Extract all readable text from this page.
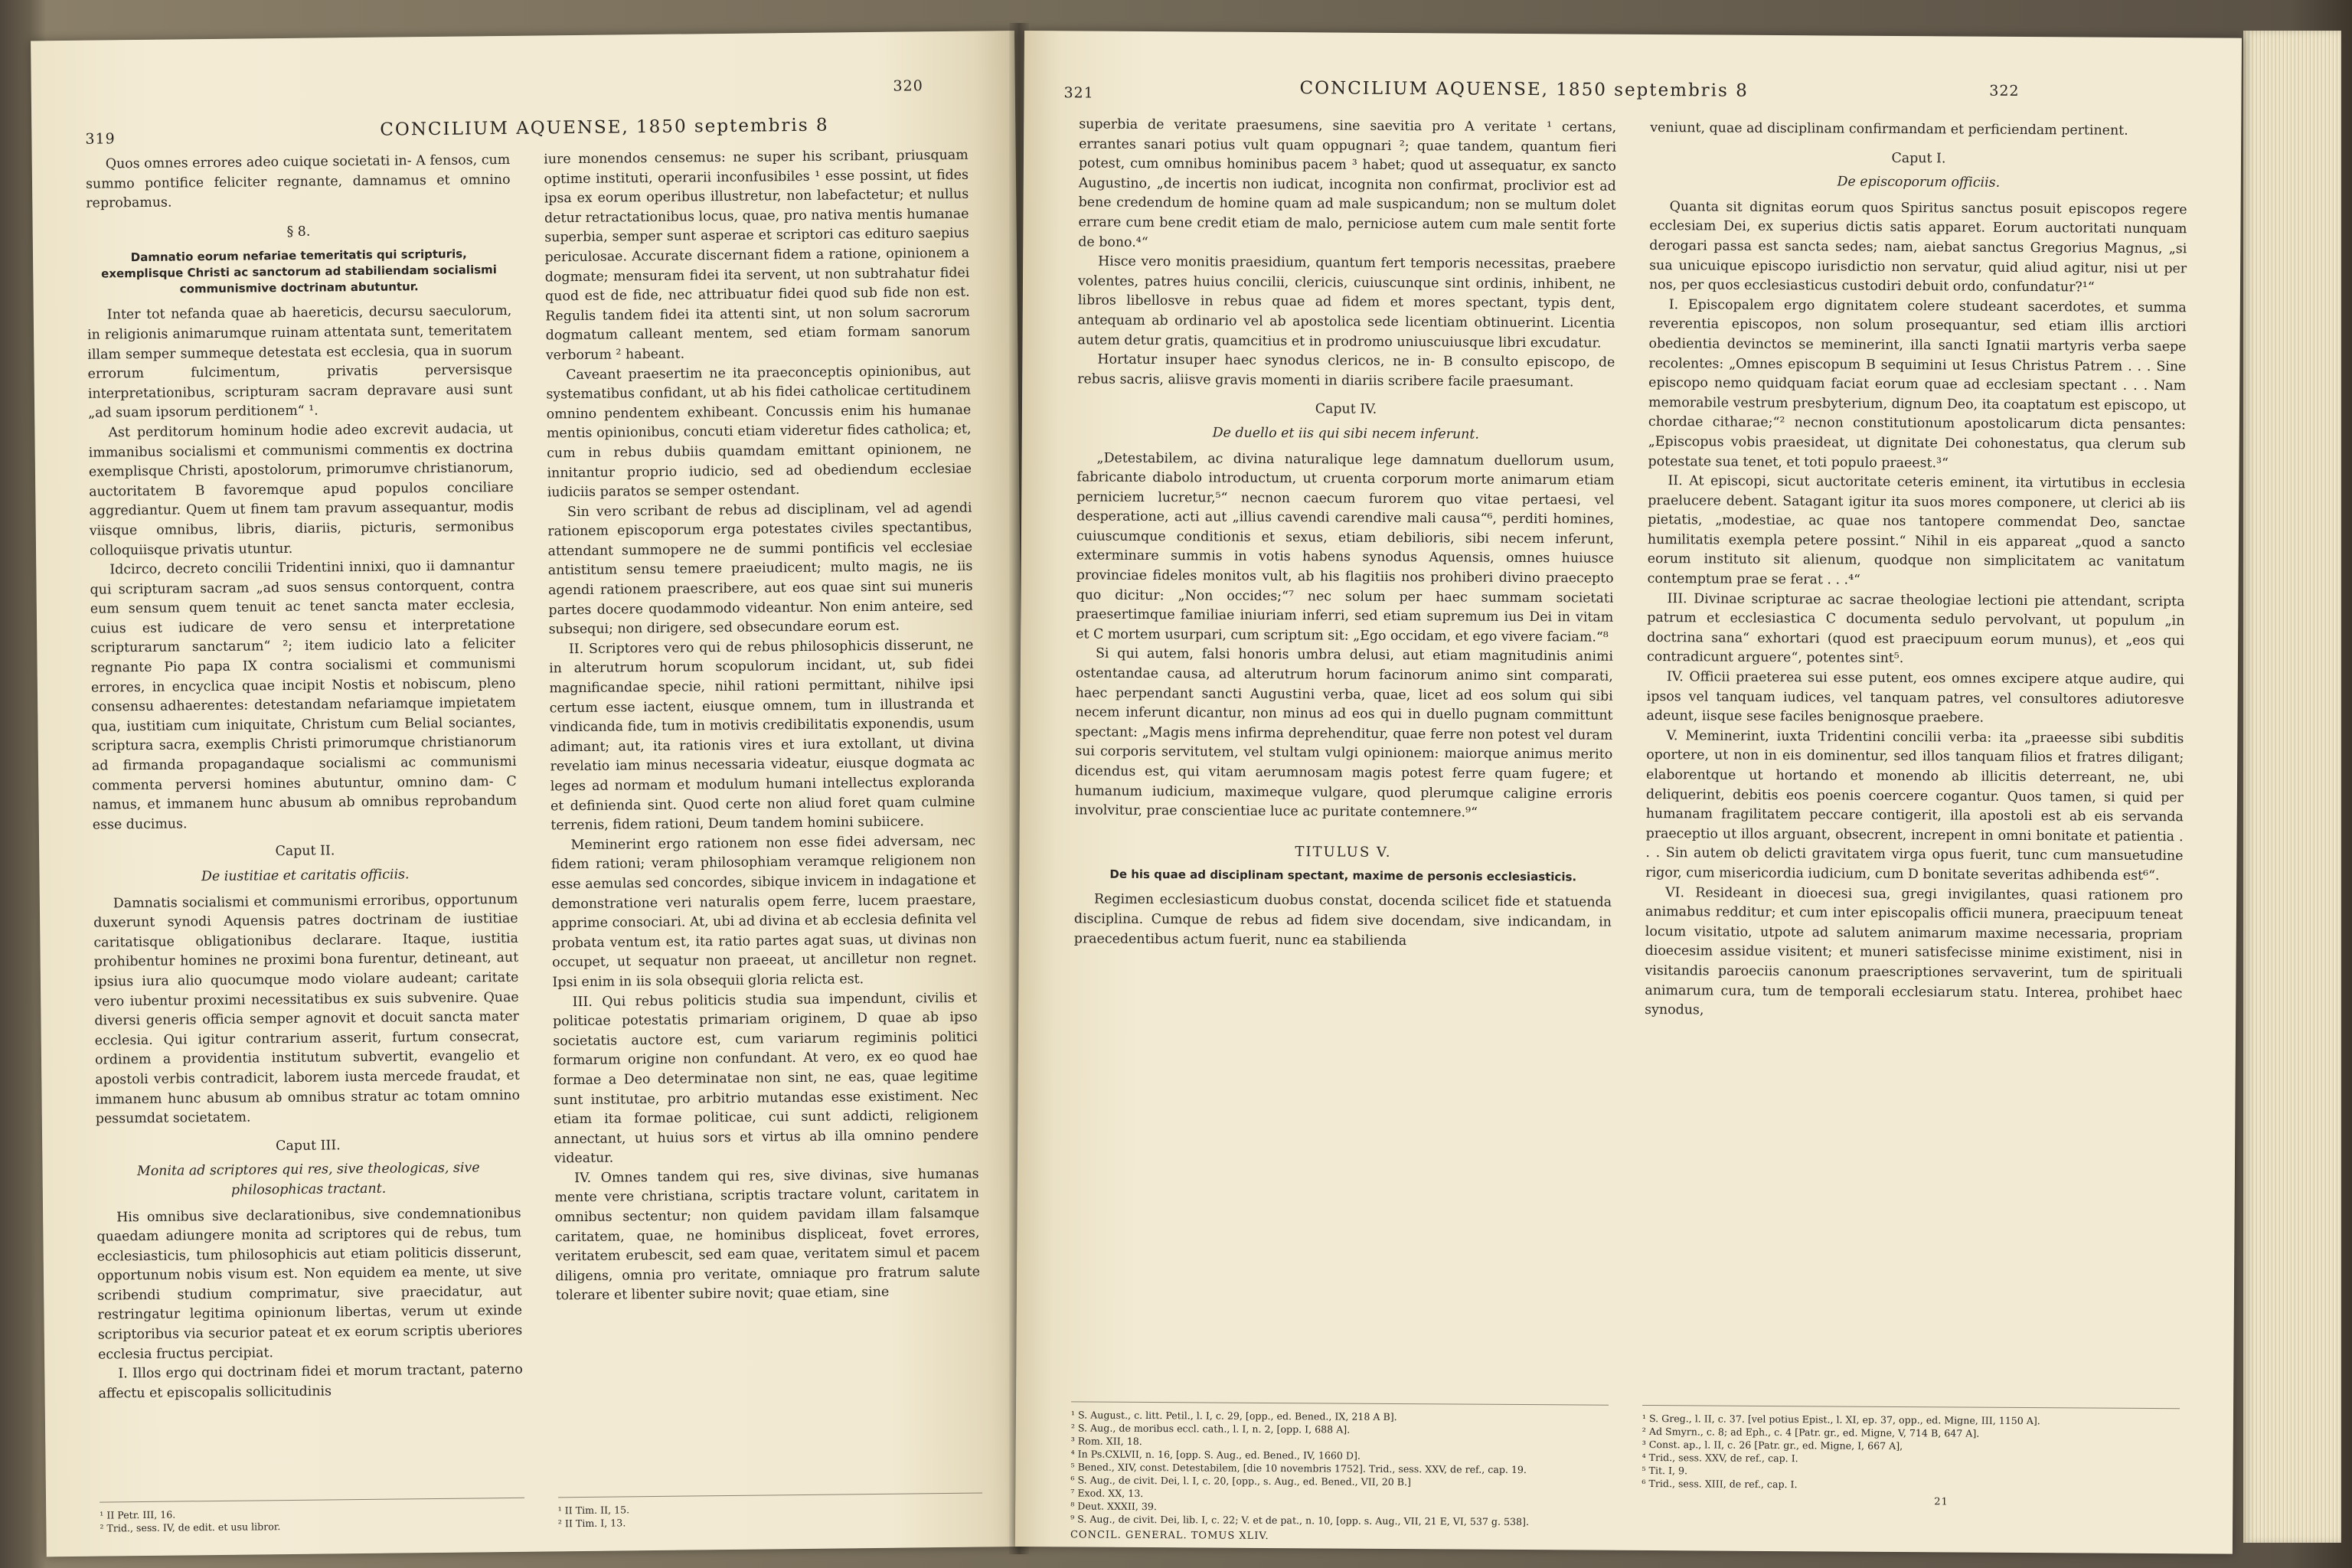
319	CONCILIUM AQUENSE, 1850 septembris 8
320

Quos omnes errores adeo cuique societati in- A fensos, cum summo pontifice feliciter regnante, damnamus et omnino reprobamus.

§ 8.

Damnatio eorum nefariae temeritatis qui scripturis, exemplisque Christi ac sanctorum ad stabiliendam socialismi communismive doctrinam abutuntur.

Inter tot nefanda quae ab haereticis, decursu saeculorum, in religionis animarumque ruinam attentata sunt, temeritatem illam semper summeque detestata est ecclesia, qua in suorum errorum fulcimentum, privatis perversisque interpretationibus, scripturam sacram depravare ausi sunt „ad suam ipsorum perditionem“ ¹.

Ast perditorum hominum hodie adeo excrevit audacia, ut immanibus socialismi et communismi commentis ex doctrina exemplisque Christi, apostolorum, primorumve christianorum, auctoritatem B favoremque apud populos conciliare aggrediantur. Quem ut finem tam pravum assequantur, modis viisque omnibus, libris, diariis, picturis, sermonibus colloquiisque privatis utuntur.

Idcirco, decreto concilii Tridentini innixi, quo ii damnantur qui scripturam sacram „ad suos sensus contorquent, contra eum sensum quem tenuit ac tenet sancta mater ecclesia, cuius est iudicare de vero sensu et interpretatione scripturarum sanctarum“ ²; item iudicio lato a feliciter regnante Pio papa IX contra socialismi et communismi errores, in encyclica quae incipit Nostis et nobiscum, pleno consensu adhaerentes: detestandam nefariamque impietatem qua, iustitiam cum iniquitate, Christum cum Belial sociantes, scriptura sacra, exemplis Christi primorumque christianorum ad firmanda propagandaque socialismi ac communismi commenta perversi homines abutuntur, omnino dam- C namus, et immanem hunc abusum ab omnibus reprobandum esse ducimus.

Caput II.

De iustitiae et caritatis officiis.

Damnatis socialismi et communismi erroribus, opportunum duxerunt synodi Aquensis patres doctrinam de iustitiae caritatisque obligationibus declarare. Itaque, iustitia prohibentur homines ne proximi bona furentur, detineant, aut ipsius iura alio quocumque modo violare audeant; caritate vero iubentur proximi necessitatibus ex suis subvenire. Quae diversi generis officia semper agnovit et docuit sancta mater ecclesia. Qui igitur contrarium asserit, furtum consecrat, ordinem a providentia institutum subvertit, evangelio et apostoli verbis contradicit, laborem iusta mercede fraudat, et immanem hunc abusum ab omnibus stratur ac totam omnino pessumdat societatem.

Caput III.

Monita ad scriptores qui res, sive theologicas, sive philosophicas tractant.

His omnibus sive declarationibus, sive condemnationibus quaedam adiungere monita ad scriptores qui de rebus, tum ecclesiasticis, tum philosophicis aut etiam politicis disserunt, opportunum nobis visum est. Non equidem ea mente, ut sive scribendi studium comprimatur, sive praecidatur, aut restringatur legitima opinionum libertas, verum ut exinde scriptoribus via securior pateat et ex eorum scriptis uberiores ecclesia fructus percipiat.

I. Illos ergo qui doctrinam fidei et morum tractant, paterno affectu et episcopalis sollicitudinis

iure monendos censemus: ne super his scribant, priusquam optime instituti, operarii inconfusibiles ¹ esse possint, ut fides ipsa ex eorum operibus illustretur, non labefactetur; et nullus detur retractationibus locus, quae, pro nativa mentis humanae superbia, semper sunt asperae et scriptori cas edituro saepius periculosae. Accurate discernant fidem a ratione, opinionem a dogmate; mensuram fidei ita servent, ut non subtrahatur fidei quod est de fide, nec attribuatur fidei quod sub fide non est. Regulis tandem fidei ita attenti sint, ut non solum sacrorum dogmatum calleant mentem, sed etiam formam sanorum verborum ² habeant.

Caveant praesertim ne ita praeconceptis opinionibus, aut systematibus confidant, ut ab his fidei catholicae certitudinem omnino pendentem exhibeant. Concussis enim his humanae mentis opinionibus, concuti etiam videretur fides catholica; et, cum in rebus dubiis quamdam emittant opinionem, ne innitantur proprio iudicio, sed ad obediendum ecclesiae iudiciis paratos se semper ostendant.

Sin vero scribant de rebus ad disciplinam, vel ad agendi rationem episcoporum erga potestates civiles spectantibus, attendant summopere ne de summi pontificis vel ecclesiae antistitum sensu temere praeiudicent; multo magis, ne iis agendi rationem praescribere, aut eos quae sint sui muneris partes docere quodammodo videantur. Non enim anteire, sed subsequi; non dirigere, sed obsecundare eorum est.

II. Scriptores vero qui de rebus philosophicis disserunt, ne in alterutrum horum scopulorum incidant, ut, sub fidei magnificandae specie, nihil rationi permittant, nihilve ipsi certum esse iactent, eiusque omnem, tum in illustranda et vindicanda fide, tum in motivis credibilitatis exponendis, usum adimant; aut, ita rationis vires et iura extollant, ut divina revelatio iam minus necessaria videatur, eiusque dogmata ac leges ad normam et modulum humani intellectus exploranda et definienda sint. Quod certe non aliud foret quam culmine terrenis, fidem rationi, Deum tandem homini subiicere.

Meminerint ergo rationem non esse fidei adversam, nec fidem rationi; veram philosophiam veramque religionem non esse aemulas sed concordes, sibique invicem in indagatione et demonstratione veri naturalis opem ferre, lucem praestare, apprime consociari. At, ubi ad divina et ab ecclesia definita vel probata ventum est, ita ratio partes agat suas, ut divinas non occupet, ut sequatur non praeeat, ut ancilletur non regnet. Ipsi enim in iis sola obsequii gloria relicta est.

III. Qui rebus politicis studia sua impendunt, civilis et politicae potestatis primariam originem, D quae ab ipso societatis auctore est, cum variarum regiminis politici formarum origine non confundant. At vero, ex eo quod hae formae a Deo determinatae non sint, ne eas, quae legitime sunt institutae, pro arbitrio mutandas esse existiment. Nec etiam ita formae politicae, cui sunt addicti, religionem annectant, ut huius sors et virtus ab illa omnino pendere videatur.

IV. Omnes tandem qui res, sive divinas, sive humanas mente vere christiana, scriptis tractare volunt, caritatem in omnibus sectentur; non quidem pavidam illam falsamque caritatem, quae, ne hominibus displiceat, fovet errores, veritatem erubescit, sed eam quae, veritatem simul et pacem diligens, omnia pro veritate, omniaque pro fratrum salute tolerare et libenter subire novit; quae etiam, sine

¹ II Petr. III, 16.
² Trid., sess. IV, de edit. et usu libror.
¹ II Tim. II, 15.
² II Tim. I, 13.
321	CONCILIUM AQUENSE, 1850 septembris 8	322

superbia de veritate praesumens, sine saevitia pro A veritate ¹ certans, errantes sanari potius vult quam oppugnari ²; quae tandem, quantum fieri potest, cum omnibus hominibus pacem ³ habet; quod ut assequatur, ex sancto Augustino, „de incertis non iudicat, incognita non confirmat, proclivior est ad bene credendum de homine quam ad male suspicandum; non se multum dolet errare cum bene credit etiam de malo, perniciose autem cum male sentit forte de bono.⁴“

Hisce vero monitis praesidium, quantum fert temporis necessitas, praebere volentes, patres huius concilii, clericis, cuiuscunque sint ordinis, inhibent, ne libros libellosve in rebus quae ad fidem et mores spectant, typis dent, antequam ab ordinario vel ab apostolica sede licentiam obtinuerint. Licentia autem detur gratis, quamcitius et in prodromo uniuscuiusque libri excudatur.

Hortatur insuper haec synodus clericos, ne in- B consulto episcopo, de rebus sacris, aliisve gravis momenti in diariis scribere facile praesumant.

Caput IV.

De duello et iis qui sibi necem inferunt.

„Detestabilem, ac divina naturalique lege damnatum duellorum usum, fabricante diabolo introductum, ut cruenta corporum morte animarum etiam perniciem lucretur,⁵“ necnon caecum furorem quo vitae pertaesi, vel desperatione, acti aut „illius cavendi carendive mali causa“⁶, perditi homines, cuiuscumque conditionis et sexus, etiam debilioris, sibi necem inferunt, exterminare summis in votis habens synodus Aquensis, omnes huiusce provinciae fideles monitos vult, ab his flagitiis nos prohiberi divino praecepto quo dicitur: „Non occides;“⁷ nec solum per haec summam societati praesertimque familiae iniuriam inferri, sed etiam supremum ius Dei in vitam et C mortem usurpari, cum scriptum sit: „Ego occidam, et ego vivere faciam.“⁸

Si qui autem, falsi honoris umbra delusi, aut etiam magnitudinis animi ostentandae causa, ad alterutrum horum facinorum animo sint comparati, haec perpendant sancti Augustini verba, quae, licet ad eos solum qui sibi necem inferunt dicantur, non minus ad eos qui in duello pugnam committunt spectant: „Magis mens infirma deprehenditur, quae ferre non potest vel duram sui corporis servitutem, vel stultam vulgi opinionem: maiorque animus merito dicendus est, qui vitam aerumnosam magis potest ferre quam fugere; et humanum iudicium, maximeque vulgare, quod plerumque caligine erroris involvitur, prae conscientiae luce ac puritate contemnere.⁹“

TITULUS V.

De his quae ad disciplinam spectant, maxime de personis ecclesiasticis.

Regimen ecclesiasticum duobus constat, docenda scilicet fide et statuenda disciplina. Cumque de rebus ad fidem sive docendam, sive indicandam, in praecedentibus actum fuerit, nunc ea stabilienda

veniunt, quae ad disciplinam confirmandam et perficiendam pertinent.

Caput I.

De episcoporum officiis.

Quanta sit dignitas eorum quos Spiritus sanctus posuit episcopos regere ecclesiam Dei, ex superius dictis satis apparet. Eorum auctoritati nunquam derogari passa est sancta sedes; nam, aiebat sanctus Gregorius Magnus, „si sua unicuique episcopo iurisdictio non servatur, quid aliud agitur, nisi ut per nos, per quos ecclesiasticus custodiri debuit ordo, confundatur?¹“

I. Episcopalem ergo dignitatem colere studeant sacerdotes, et summa reverentia episcopos, non solum prosequantur, sed etiam illis arctiori obedientia devinctos se meminerint, illa sancti Ignatii martyris verba saepe recolentes: „Omnes episcopum B sequimini ut Iesus Christus Patrem . . . Sine episcopo nemo quidquam faciat eorum quae ad ecclesiam spectant . . . Nam memorabile vestrum presbyterium, dignum Deo, ita coaptatum est episcopo, ut chordae citharae;“² necnon constitutionum apostolicarum dicta pensantes: „Episcopus vobis praesideat, ut dignitate Dei cohonestatus, qua clerum sub potestate sua tenet, et toti populo praeest.³“

II. At episcopi, sicut auctoritate ceteris eminent, ita virtutibus in ecclesia praelucere debent. Satagant igitur ita suos mores componere, ut clerici ab iis pietatis, „modestiae, ac quae nos tantopere commendat Deo, sanctae humilitatis exempla petere possint.“ Nihil in eis appareat „quod a sancto eorum instituto sit alienum, quodque non simplicitatem ac vanitatum contemptum prae se ferat . . .⁴“

III. Divinae scripturae ac sacrae theologiae lectioni pie attendant, scripta patrum et ecclesiastica C documenta sedulo pervolvant, ut populum „in doctrina sana“ exhortari (quod est praecipuum eorum munus), et „eos qui contradicunt arguere“, potentes sint⁵.

IV. Officii praeterea sui esse putent, eos omnes excipere atque audire, qui ipsos vel tanquam iudices, vel tanquam patres, vel consultores adiutoresve adeunt, iisque sese faciles benignosque praebere.

V. Meminerint, iuxta Tridentini concilii verba: ita „praeesse sibi subditis oportere, ut non in eis dominentur, sed illos tanquam filios et fratres diligant; elaborentque ut hortando et monendo ab illicitis deterreant, ne, ubi deliquerint, debitis eos poenis coercere cogantur. Quos tamen, si quid per humanam fragilitatem peccare contigerit, illa apostoli est ab eis servanda praeceptio ut illos arguant, obsecrent, increpent in omni bonitate et patientia . . . Sin autem ob delicti gravitatem virga opus fuerit, tunc cum mansuetudine rigor, cum misericordia iudicium, cum D bonitate severitas adhibenda est⁶“.

VI. Resideant in dioecesi sua, gregi invigilantes, quasi rationem pro animabus redditur; et cum inter episcopalis officii munera, praecipuum teneat locum visitatio, utpote ad salutem animarum maxime necessaria, propriam dioecesim assidue visitent; et muneri satisfecisse minime existiment, nisi in visitandis paroeciis canonum praescriptiones servaverint, tum de spirituali animarum cura, tum de temporali ecclesiarum statu. Interea, prohibet haec synodus,

¹ S. August., c. litt. Petil., l. I, c. 29, [opp., ed. Bened., IX, 218 A B].
² S. Aug., de moribus eccl. cath., l. I, n. 2, [opp. I, 688 A].
³ Rom. XII, 18.
⁴ In Ps.CXLVII, n. 16, [opp. S. Aug., ed. Bened., IV, 1660 D].
⁵ Bened., XIV, const. Detestabilem, [die 10 novembris 1752]. Trid., sess. XXV, de ref., cap. 19.
⁶ S. Aug., de civit. Dei, l. I, c. 20, [opp., s. Aug., ed. Bened., VII, 20 B.]
⁷ Exod. XX, 13.
⁸ Deut. XXXII, 39.
⁹ S. Aug., de civit. Dei, lib. I, c. 22; V. et de pat., n. 10, [opp. s. Aug., VII, 21 E, VI, 537 g. 538].
¹ S. Greg., l. II, c. 37. [vel potius Epist., l. XI, ep. 37, opp., ed. Migne, III, 1150 A].
² Ad Smyrn., c. 8; ad Eph., c. 4 [Patr. gr., ed. Migne, V, 714 B, 647 A].
³ Const. ap., l. II, c. 26 [Patr. gr., ed. Migne, I, 667 A],
⁴ Trid., sess. XXV, de ref., cap. I.
⁵ Tit. I, 9.
⁶ Trid., sess. XIII, de ref., cap. I.
CONCIL. GENERAL. TOMUS XLIV.
21
